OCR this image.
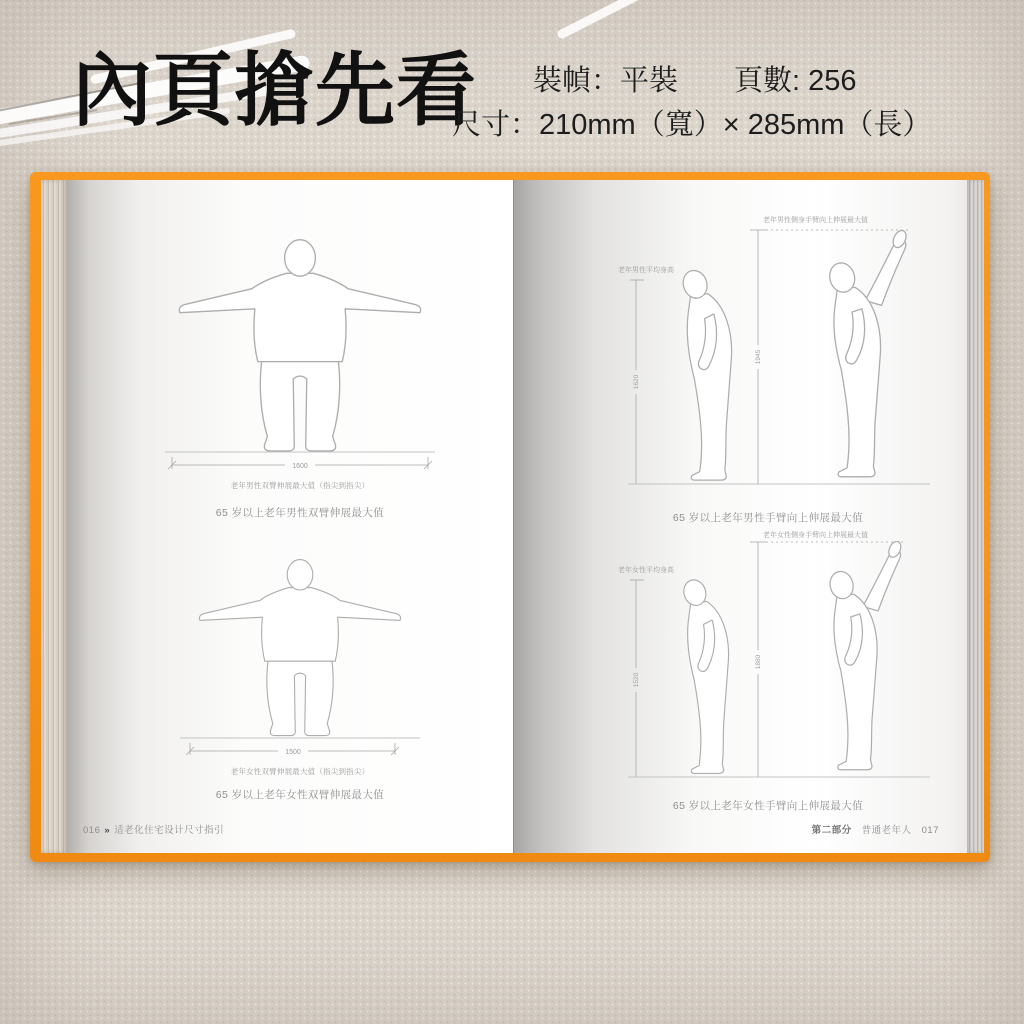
內頁搶先看	裝幀：平裝 頁數: 256
尺寸：210mm（寬）× 285mm（長）
1600
老年男性双臂伸展最大值（指尖到指尖）
65 岁以上老年男性双臂伸展最大值
1500
老年女性双臂伸展最大值（指尖到指尖）
65 岁以上老年女性双臂伸展最大值
016 » 适老化住宅设计尺寸指引
老年男性平均身高
1620
老年男性侧身手臂向上伸展最大值
1945
65 岁以上老年男性手臂向上伸展最大值
老年女性平均身高
1520
老年女性侧身手臂向上伸展最大值
1880
65 岁以上老年女性手臂向上伸展最大值
第二部分 普通老年人 017
